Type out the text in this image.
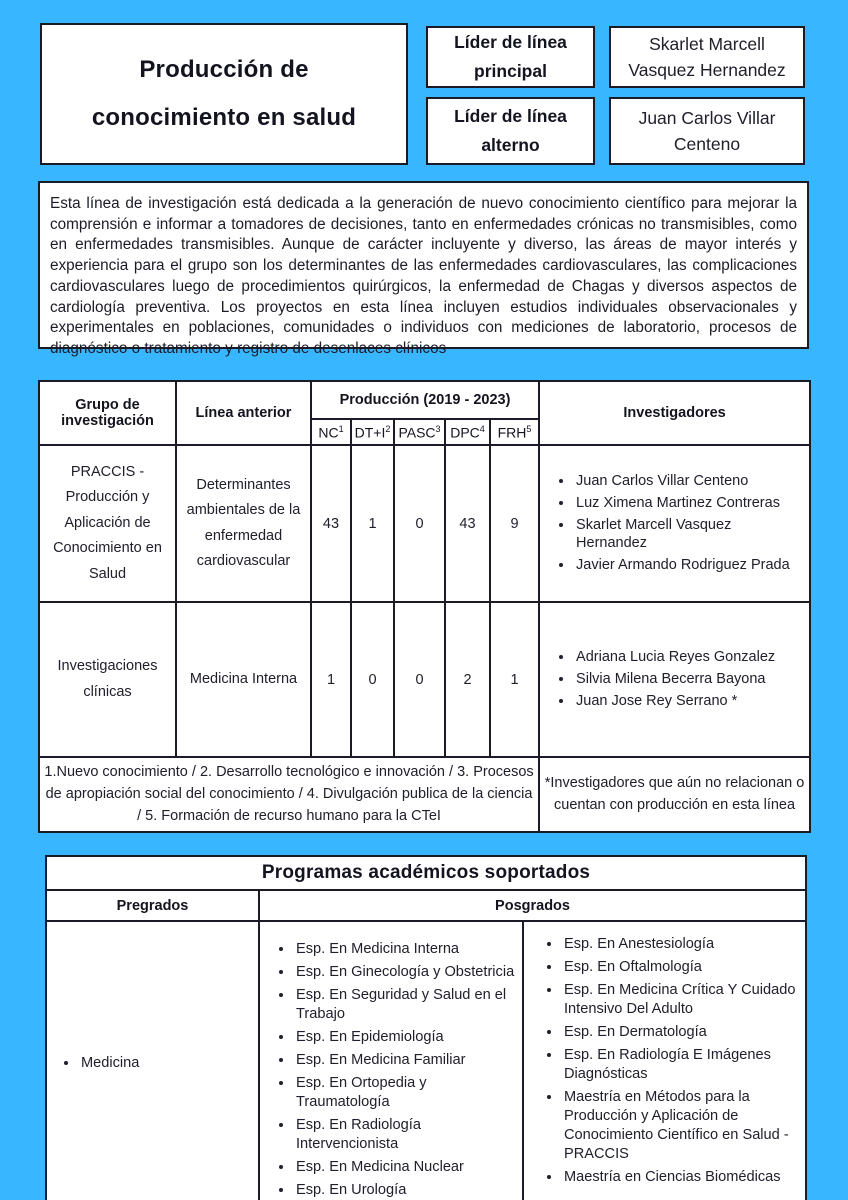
Producción de conocimiento en salud
Líder de línea principal
Skarlet Marcell Vasquez Hernandez
Líder de línea alterno
Juan Carlos Villar Centeno
Esta línea de investigación está dedicada a la generación de nuevo conocimiento científico para mejorar la comprensión e informar a tomadores de decisiones, tanto en enfermedades crónicas no transmisibles, como en enfermedades transmisibles. Aunque de carácter incluyente y diverso, las áreas de mayor interés y experiencia para el grupo son los determinantes de las enfermedades cardiovasculares, las complicaciones cardiovasculares luego de procedimientos quirúrgicos, la enfermedad de Chagas y diversos aspectos de cardiología preventiva. Los proyectos en esta línea incluyen estudios individuales observacionales y experimentales en poblaciones, comunidades o individuos con mediciones de laboratorio, procesos de diagnóstico o tratamiento y registro de desenlaces clínicos
Grupo de investigación	Línea anterior	Producción (2019 - 2023)					Investigadores
		$NC^1$	$DT+I^2$	PASC$^3$	DPC$^4$	FRH$^5$
PRACCIS - Producción y Aplicación de Conocimiento en Salud	Determinantes ambientales de la enfermedad cardiovascular	43	1	0	43	9	
• Juan Carlos Villar Centeno
• Luz Ximena Martinez Contreras
• Skarlet Marcell Vasquez Hernandez
• Javier Armando Rodriguez Prada

Investigaciones clínicas	Medicina Interna	1	0	0	2	1	
• Adriana Lucia Reyes Gonzalez
• Silvia Milena Becerra Bayona
• Juan Jose Rey Serrano *

1.Nuevo conocimiento / 2. Desarrollo tecnológico e innovación / 3. Procesos de apropiación social del conocimiento / 4. Divulgación publica de la ciencia / 5. Formación de recurso humano para la CTeI							*Investigadores que aún no relacionan o cuentan con producción en esta línea
Programas académicos soportados		
Pregrados	Posgrados	

• Medicina

• Esp. En Medicina Interna
• Esp. En Ginecología y Obstetricia
• Esp. En Seguridad y Salud en el Trabajo
• Esp. En Epidemiología
• Esp. En Medicina Familiar
• Esp. En Ortopedia y Traumatología
• Esp. En Radiología Intervencionista
• Esp. En Medicina Nuclear
• Esp. En Urología

• Esp. En Anestesiología
• Esp. En Oftalmología
• Esp. En Medicina Crítica Y Cuidado Intensivo Del Adulto
• Esp. En Dermatología
• Esp. En Radiología E Imágenes Diagnósticas
• Maestría en Métodos para la Producción y Aplicación de Conocimiento Científico en Salud - PRACCIS
• Maestría en Ciencias Biomédicas
